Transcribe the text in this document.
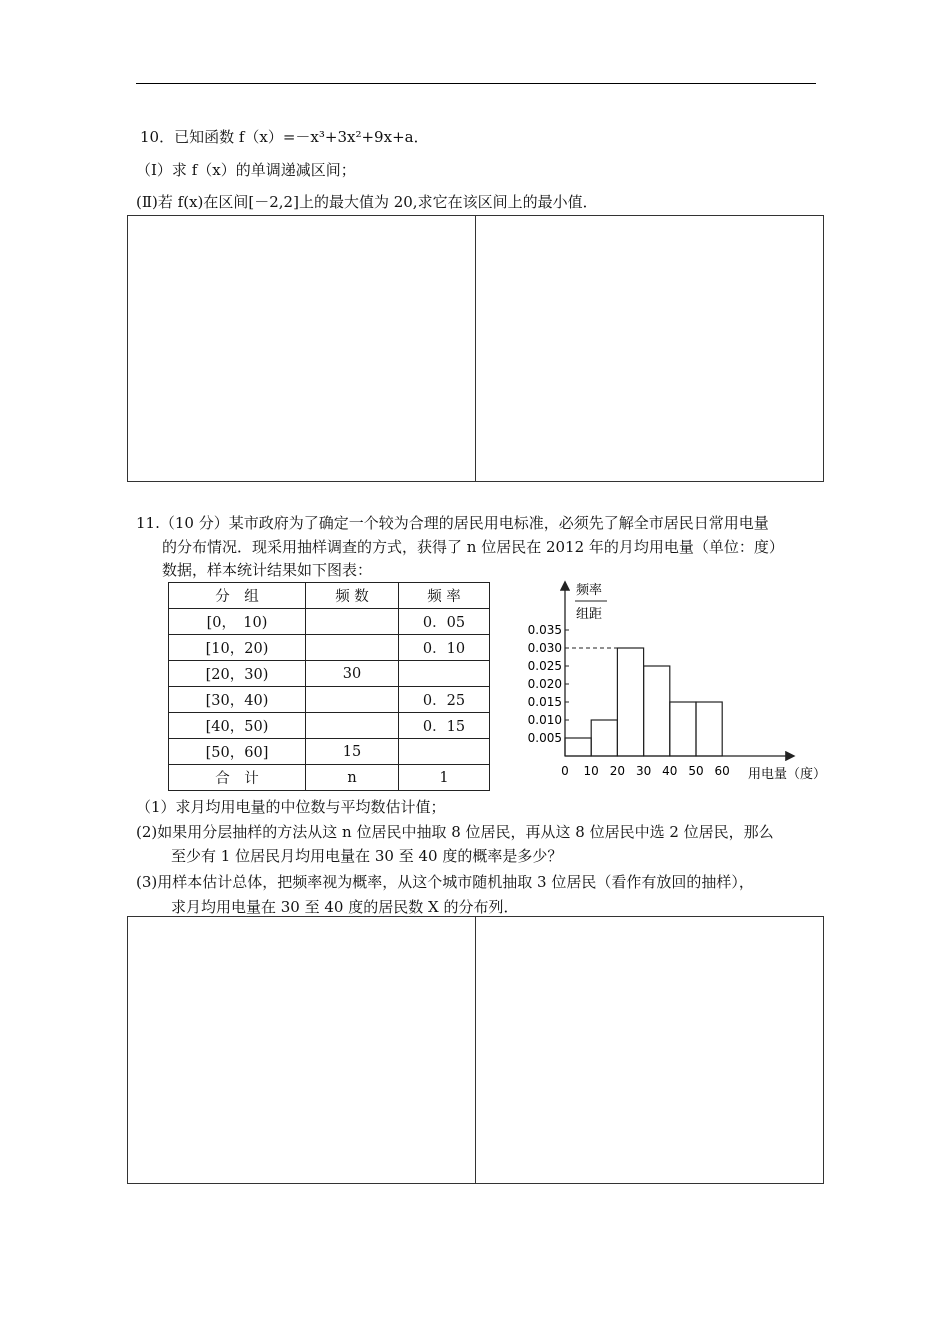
10．已知函数 f（x）=－x³+3x²+9x+a．
（Ⅰ）求 f（x）的单调递减区间；
(Ⅱ)若 f(x)在区间[－2,2]上的最大值为 20,求它在该区间上的最小值．
11.（10 分）某市政府为了确定一个较为合理的居民用电标准，必须先了解全市居民日常用电量
的分布情况．现采用抽样调查的方式，获得了 n 位居民在 2012 年的月均用电量（单位：度）
数据，样本统计结果如下图表：
分　组	频 数	频 率
[0，　10)		0．05
[10，20)		0．10
[20，30)	30	
[30，40)		0．25
[40，50)		0．15
[50，60]	15	
合　计	n	1
频率
组距
用电量（度）
0.005
0.010
0.015
0.020
0.025
0.030
0.035
0 10 20 30 40 50 60
（1）求月均用电量的中位数与平均数估计值；
(2)如果用分层抽样的方法从这 n 位居民中抽取 8 位居民，再从这 8 位居民中选 2 位居民，那么
至少有 1 位居民月均用电量在 30 至 40 度的概率是多少？
(3)用样本估计总体，把频率视为概率，从这个城市随机抽取 3 位居民（看作有放回的抽样），
求月均用电量在 30 至 40 度的居民数 X 的分布列．
